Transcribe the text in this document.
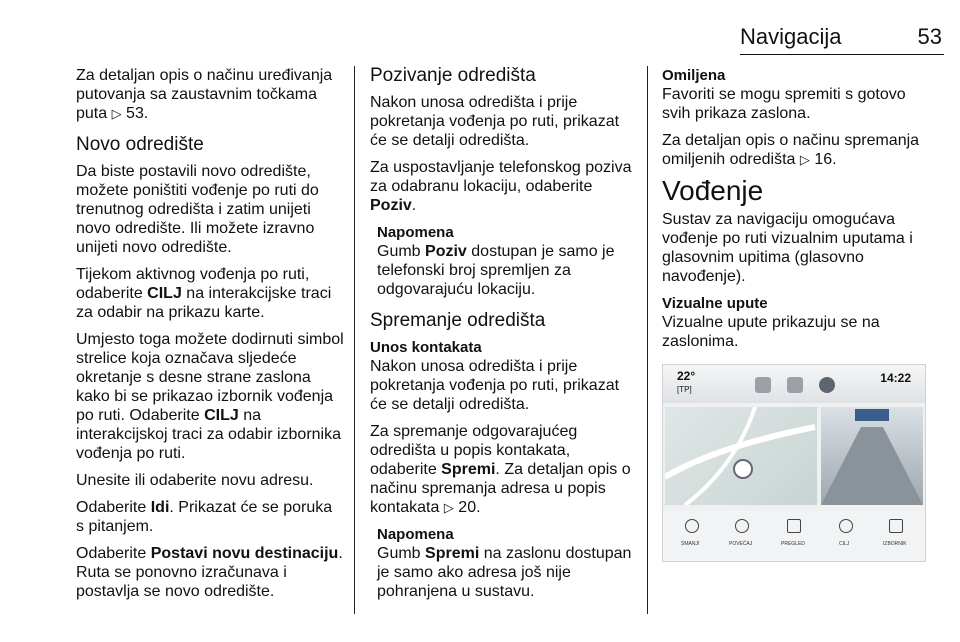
Navigacija	53

Za detaljan opis o načinu uređivanja putovanja sa zaustavnim točkama puta ▷ 53.

Novo odredište

Da biste postavili novo odredište, možete poništiti vođenje po ruti do trenutnog odredišta i zatim unijeti novo odredište. Ili možete izravno unijeti novo odredište.

Tijekom aktivnog vođenja po ruti, odaberite CILJ na interakcijske traci za odabir na prikazu karte.

Umjesto toga možete dodirnuti simbol strelice koja označava sljedeće okretanje s desne strane zaslona kako bi se prikazao izbornik vođenja po ruti. Odaberite CILJ na interakcijskoj traci za odabir izbornika vođenja po ruti.

Unesite ili odaberite novu adresu.

Odaberite Idi. Prikazat će se poruka s pitanjem.

Odaberite Postavi novu destinaciju. Ruta se ponovno izračunava i postavlja se novo odredište.

Pozivanje odredišta

Nakon unosa odredišta i prije pokretanja vođenja po ruti, prikazat će se detalji odredišta.

Za uspostavljanje telefonskog poziva za odabranu lokaciju, odaberite Poziv.

Napomena
Gumb Poziv dostupan je samo je telefonski broj spremljen za odgovarajuću lokaciju.
Spremanje odredišta
Unos kontakata

Nakon unosa odredišta i prije pokretanja vođenja po ruti, prikazat će se detalji odredišta.

Za spremanje odgovarajućeg odredišta u popis kontakata, odaberite Spremi. Za detaljan opis o načinu spremanja adresa u popis kontakata ▷ 20.

Napomena
Gumb Spremi na zaslonu dostupan je samo ako adresa još nije pohranjena u sustavu.
Omiljena

Favoriti se mogu spremiti s gotovo svih prikaza zaslona.

Za detaljan opis o načinu spremanja omiljenih odredišta ▷ 16.

Vođenje

Sustav za navigaciju omogućava vođenje po ruti vizualnim uputama i glasovnim upitima (glasovno navođenje).

Vizualne upute

Vizualne upute prikazuju se na zaslonima.

22°
[TP]
14:22
SMANJI	POVEĆAJ	PREGLED	CILJ	IZBORNIK
